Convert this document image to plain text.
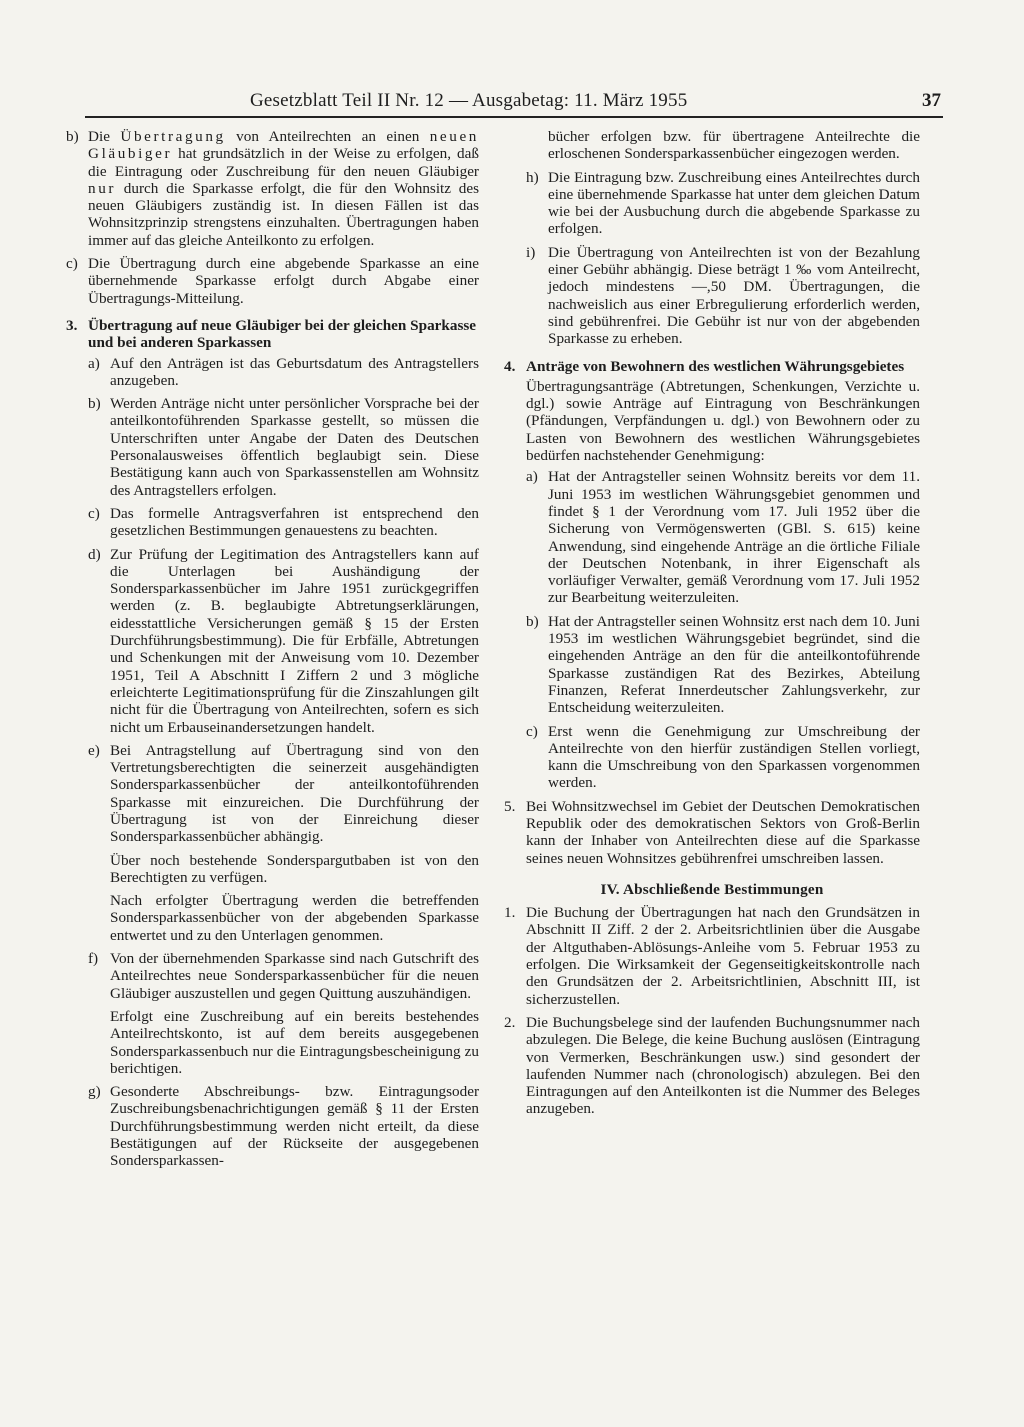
Gesetzblatt Teil II Nr. 12 — Ausgabetag: 11. März 1955	37
b) Die Übertragung von Anteilrechten an einen neuen Gläubiger hat grundsätzlich in der Weise zu erfolgen, daß die Eintragung oder Zuschreibung für den neuen Gläubiger nur durch die Sparkasse erfolgt, die für den Wohnsitz des neuen Gläubigers zuständig ist. In diesen Fällen ist das Wohnsitzprinzip strengstens einzuhalten. Übertragungen haben immer auf das gleiche Anteilkonto zu erfolgen.
c) Die Übertragung durch eine abgebende Sparkasse an eine übernehmende Sparkasse erfolgt durch Abgabe einer Übertragungs-Mitteilung.
3. Übertragung auf neue Gläubiger bei der gleichen Sparkasse und bei anderen Sparkassen
a) Auf den Anträgen ist das Geburtsdatum des Antragstellers anzugeben.
b) Werden Anträge nicht unter persönlicher Vorsprache bei der anteilkontoführenden Sparkasse gestellt, so müssen die Unterschriften unter Angabe der Daten des Deutschen Personalausweises öffentlich beglaubigt sein. Diese Bestätigung kann auch von Sparkassenstellen am Wohnsitz des Antragstellers erfolgen.
c) Das formelle Antragsverfahren ist entsprechend den gesetzlichen Bestimmungen genauestens zu beachten.
d) Zur Prüfung der Legitimation des Antragstellers kann auf die Unterlagen bei Aushändigung der Sondersparkassenbücher im Jahre 1951 zurückgegriffen werden (z. B. beglaubigte Abtretungserklärungen, eidesstattliche Versicherungen gemäß § 15 der Ersten Durchführungsbestimmung). Die für Erbfälle, Abtretungen und Schenkungen mit der Anweisung vom 10. Dezember 1951, Teil A Abschnitt I Ziffern 2 und 3 mögliche erleichterte Legitimationsprüfung für die Zinszahlungen gilt nicht für die Übertragung von Anteilrechten, sofern es sich nicht um Erbauseinandersetzungen handelt.
e) Bei Antragstellung auf Übertragung sind von den Vertretungsberechtigten die seinerzeit ausgehändigten Sondersparkassenbücher der anteilkontoführenden Sparkasse mit einzureichen. Die Durchführung der Übertragung ist von der Einreichung dieser Sondersparkassenbücher abhängig.

Über noch bestehende Sonderspargutbaben ist von den Berechtigten zu verfügen.

Nach erfolgter Übertragung werden die betreffenden Sondersparkassenbücher von der abgebenden Sparkasse entwertet und zu den Unterlagen genommen.

f) Von der übernehmenden Sparkasse sind nach Gutschrift des Anteilrechtes neue Sondersparkassenbücher für die neuen Gläubiger auszustellen und gegen Quittung auszuhändigen.

Erfolgt eine Zuschreibung auf ein bereits bestehendes Anteilrechtskonto, ist auf dem bereits ausgegebenen Sondersparkassenbuch nur die Eintragungsbescheinigung zu berichtigen.

g) Gesonderte Abschreibungs- bzw. Eintragungsoder Zuschreibungsbenachrichtigungen gemäß § 11 der Ersten Durchführungsbestimmung werden nicht erteilt, da diese Bestätigungen auf der Rückseite der ausgegebenen Sondersparkassen-
bücher erfolgen bzw. für übertragene Anteilrechte die erloschenen Sondersparkassenbücher eingezogen werden.
h) Die Eintragung bzw. Zuschreibung eines Anteilrechtes durch eine übernehmende Sparkasse hat unter dem gleichen Datum wie bei der Ausbuchung durch die abgebende Sparkasse zu erfolgen.
i) Die Übertragung von Anteilrechten ist von der Bezahlung einer Gebühr abhängig. Diese beträgt 1 ‰ vom Anteilrecht, jedoch mindestens —,50 DM. Übertragungen, die nachweislich aus einer Erbregulierung erforderlich werden, sind gebührenfrei. Die Gebühr ist nur von der abgebenden Sparkasse zu erheben.
4. Anträge von Bewohnern des westlichen Währungsgebietes
Übertragungsanträge (Abtretungen, Schenkungen, Verzichte u. dgl.) sowie Anträge auf Eintragung von Beschränkungen (Pfändungen, Verpfändungen u. dgl.) von Bewohnern oder zu Lasten von Bewohnern des westlichen Währungsgebietes bedürfen nachstehender Genehmigung:
a) Hat der Antragsteller seinen Wohnsitz bereits vor dem 11. Juni 1953 im westlichen Währungsgebiet genommen und findet § 1 der Verordnung vom 17. Juli 1952 über die Sicherung von Vermögenswerten (GBl. S. 615) keine Anwendung, sind eingehende Anträge an die örtliche Filiale der Deutschen Notenbank, in ihrer Eigenschaft als vorläufiger Verwalter, gemäß Verordnung vom 17. Juli 1952 zur Bearbeitung weiterzuleiten.
b) Hat der Antragsteller seinen Wohnsitz erst nach dem 10. Juni 1953 im westlichen Währungsgebiet begründet, sind die eingehenden Anträge an den für die anteilkontoführende Sparkasse zuständigen Rat des Bezirkes, Abteilung Finanzen, Referat Innerdeutscher Zahlungsverkehr, zur Entscheidung weiterzuleiten.
c) Erst wenn die Genehmigung zur Umschreibung der Anteilrechte von den hierfür zuständigen Stellen vorliegt, kann die Umschreibung von den Sparkassen vorgenommen werden.
5. Bei Wohnsitzwechsel im Gebiet der Deutschen Demokratischen Republik oder des demokratischen Sektors von Groß-Berlin kann der Inhaber von Anteilrechten diese auf die Sparkasse seines neuen Wohnsitzes gebührenfrei umschreiben lassen.
IV. Abschließende Bestimmungen
1. Die Buchung der Übertragungen hat nach den Grundsätzen in Abschnitt II Ziff. 2 der 2. Arbeitsrichtlinien über die Ausgabe der Altguthaben-Ablösungs-Anleihe vom 5. Februar 1953 zu erfolgen. Die Wirksamkeit der Gegenseitigkeitskontrolle nach den Grundsätzen der 2. Arbeitsrichtlinien, Abschnitt III, ist sicherzustellen.
2. Die Buchungsbelege sind der laufenden Buchungsnummer nach abzulegen. Die Belege, die keine Buchung auslösen (Eintragung von Vermerken, Beschränkungen usw.) sind gesondert der laufenden Nummer nach (chronologisch) abzulegen. Bei den Eintragungen auf den Anteilkonten ist die Nummer des Beleges anzugeben.
